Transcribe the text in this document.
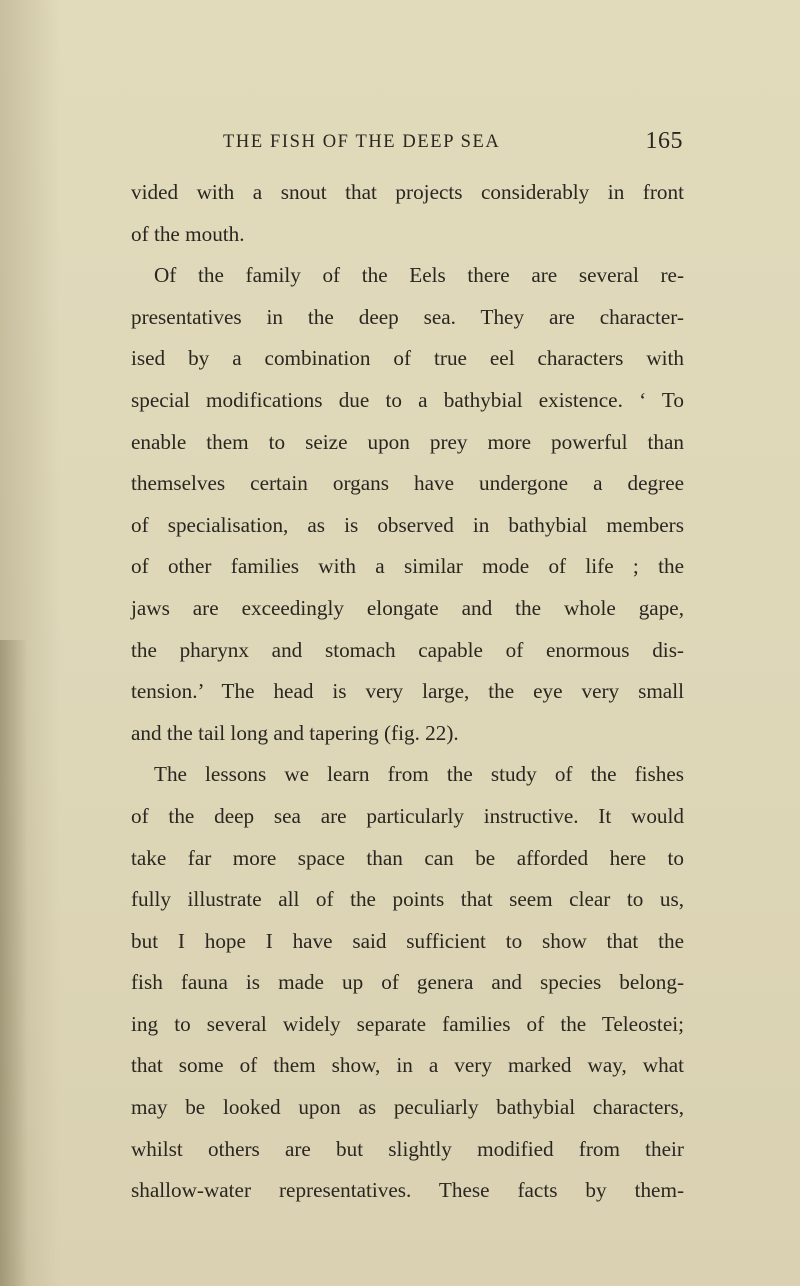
THE FISH OF THE DEEP SEA	165
vided with a snout that projects considerably in front
of the mouth.
Of the family of the Eels there are several re-
presentatives in the deep sea. They are character-
ised by a combination of true eel characters with
special modifications due to a bathybial existence. ‘ To
enable them to seize upon prey more powerful than
themselves certain organs have undergone a degree
of specialisation, as is observed in bathybial members
of other families with a similar mode of life ; the
jaws are exceedingly elongate and the whole gape,
the pharynx and stomach capable of enormous dis-
tension.’ The head is very large, the eye very small
and the tail long and tapering (fig. 22).
The lessons we learn from the study of the fishes
of the deep sea are particularly instructive. It would
take far more space than can be afforded here to
fully illustrate all of the points that seem clear to us,
but I hope I have said sufficient to show that the
fish fauna is made up of genera and species belong-
ing to several widely separate families of the Teleostei;
that some of them show, in a very marked way, what
may be looked upon as peculiarly bathybial characters,
whilst others are but slightly modified from their
shallow-water representatives. These facts by them-
